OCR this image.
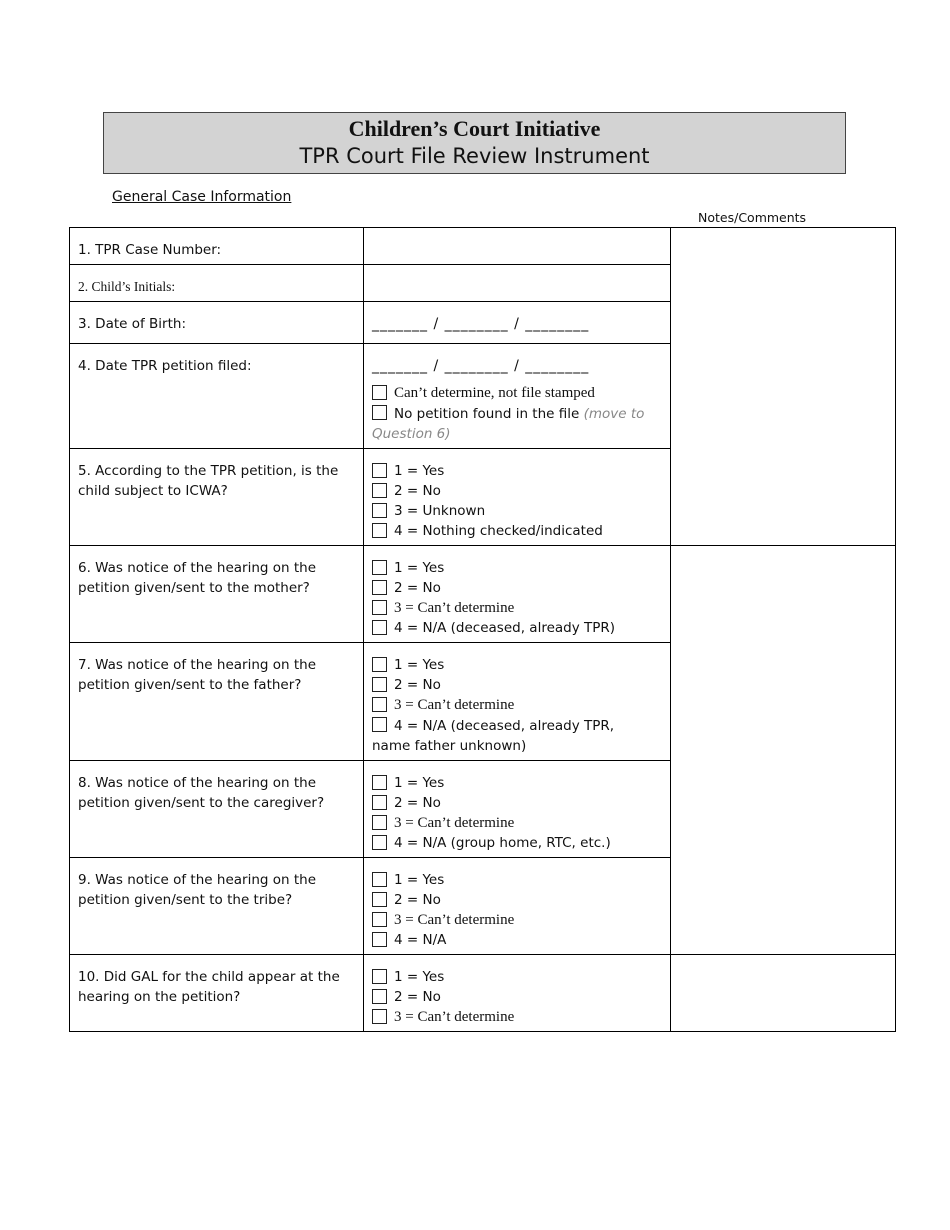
Children’s Court Initiative
TPR Court File Review Instrument
General Case Information
Notes/Comments
1. TPR Case Number:		
2. Child’s Initials:		
3. Date of Birth:	_______ / ________ / ________	
4. Date TPR petition filed:	_______ / ________ / ________
Can’t determine, not file stamped
No petition found in the file (move to Question 6)	

5. According to the TPR petition, is the child subject to ICWA?	1 = Yes
2 = No
3 = Unknown
4 = Nothing checked/indicated	

6. Was notice of the hearing on the petition given/sent to the mother?	1 = Yes
2 = No
3 = Can’t determine
4 = N/A (deceased, already TPR)	

7. Was notice of the hearing on the petition given/sent to the father?	1 = Yes
2 = No
3 = Can’t determine
4 = N/A (deceased, already TPR,
name father unknown)	

8. Was notice of the hearing on the petition given/sent to the caregiver?	1 = Yes
2 = No
3 = Can’t determine
4 = N/A (group home, RTC, etc.)	

9. Was notice of the hearing on the petition given/sent to the tribe?	1 = Yes
2 = No
3 = Can’t determine
4 = N/A	

10. Did GAL for the child appear at the hearing on the petition?	1 = Yes
2 = No
3 = Can’t determine	
